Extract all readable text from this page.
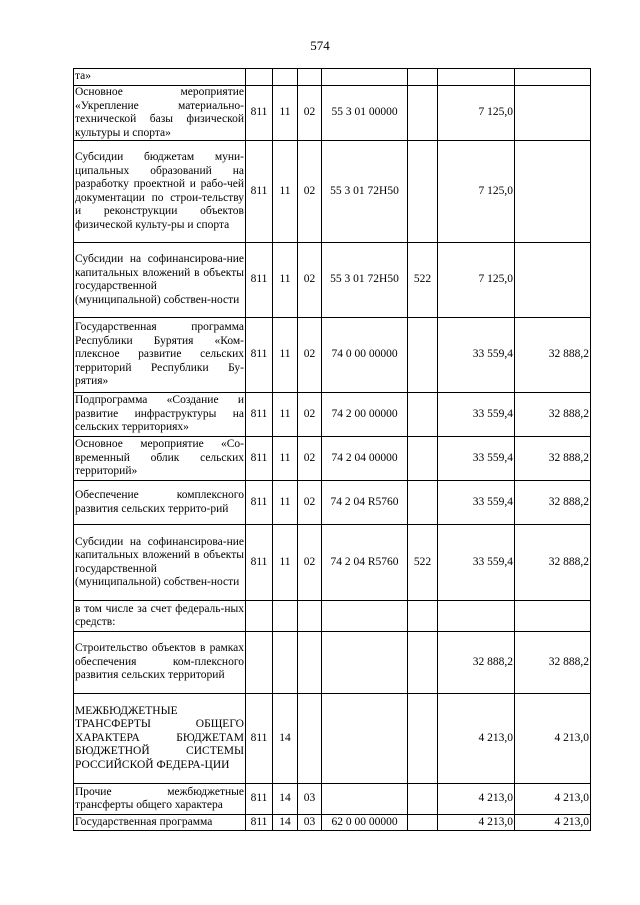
574
та»							
Основное мероприятие «Укрепление материально-технической базы физической культуры и спорта»	811	11	02	55 3 01 00000		7 125,0	
Субсидии бюджетам муни-ципальных образований на разработку проектной и рабо-чей документации по строи-тельству и реконструкции объектов физической культу-ры и спорта	811	11	02	55 3 01 72Н50		7 125,0	
Субсидии на софинансирова-ние капитальных вложений в объекты государственной (муниципальной) собствен-ности	811	11	02	55 3 01 72Н50	522	7 125,0	
Государственная программа Республики Бурятия «Ком-плексное развитие сельских территорий Республики Бу-рятия»	811	11	02	74 0 00 00000		33 559,4	32 888,2
Подпрограмма «Создание и развитие инфраструктуры на сельских территориях»	811	11	02	74 2 00 00000		33 559,4	32 888,2
Основное мероприятие «Со-временный облик сельских территорий»	811	11	02	74 2 04 00000		33 559,4	32 888,2
Обеспечение комплексного развития сельских террито-рий	811	11	02	74 2 04 R5760		33 559,4	32 888,2
Субсидии на софинансирова-ние капитальных вложений в объекты государственной (муниципальной) собствен-ности	811	11	02	74 2 04 R5760	522	33 559,4	32 888,2
в том числе за счет федераль-ных средств:							
Строительство объектов в рамках обеспечения ком-плексного развития сельских территорий						32 888,2	32 888,2
МЕЖБЮДЖЕТНЫЕ ТРАНСФЕРТЫ ОБЩЕГО ХАРАКТЕРА БЮДЖЕТАМ БЮДЖЕТНОЙ СИСТЕМЫ РОССИЙСКОЙ ФЕДЕРА-ЦИИ	811	14				4 213,0	4 213,0
Прочие межбюджетные трансферты общего характера	811	14	03			4 213,0	4 213,0
Государственная программа	811	14	03	62 0 00 00000		4 213,0	4 213,0
